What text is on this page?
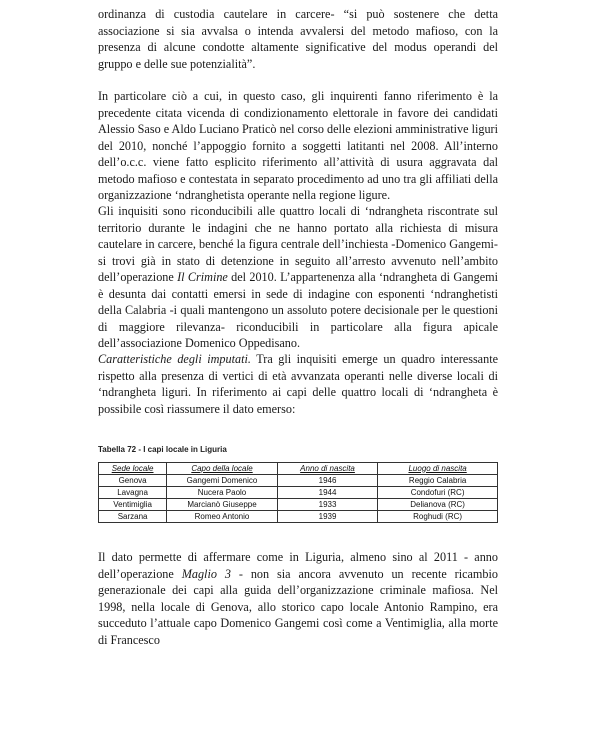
ordinanza di custodia cautelare in carcere- “si può sostenere che detta associazione si sia avvalsa o intenda avvalersi del metodo mafioso, con la presenza di alcune condotte altamente significative del modus operandi del gruppo e delle sue potenzialità”.

In particolare ciò a cui, in questo caso, gli inquirenti fanno riferimento è la precedente citata vicenda di condizionamento elettorale in favore dei candidati Alessio Saso e Aldo Luciano Praticò nel corso delle elezioni amministrative liguri del 2010, nonché l’appoggio fornito a soggetti latitanti nel 2008. All’interno dell’o.c.c. viene fatto esplicito riferimento all’attività di usura aggravata dal metodo mafioso e contestata in separato procedimento ad uno tra gli affiliati della organizzazione ‘ndranghetista operante nella regione ligure.

Gli inquisiti sono riconducibili alle quattro locali di ‘ndrangheta riscontrate sul territorio durante le indagini che ne hanno portato alla richiesta di misura cautelare in carcere, benché la figura centrale dell’inchiesta -Domenico Gangemi- si trovi già in stato di detenzione in seguito all’arresto avvenuto nell’ambito dell’operazione Il Crimine del 2010. L’appartenenza alla ‘ndrangheta di Gangemi è desunta dai contatti emersi in sede di indagine con esponenti ‘ndranghetisti della Calabria -i quali mantengono un assoluto potere decisionale per le questioni di maggiore rilevanza- riconducibili in particolare alla figura apicale dell’associazione Domenico Oppedisano.

Caratteristiche degli imputati. Tra gli inquisiti emerge un quadro interessante rispetto alla presenza di vertici di età avvanzata operanti nelle diverse locali di ‘ndrangheta liguri. In riferimento ai capi delle quattro locali di ‘ndrangheta è possibile così riassumere il dato emerso:

Tabella 72 - I capi locale in Liguria
Sede locale	Capo della locale	Anno di nascita	Luogo di nascita
Genova	Gangemi Domenico	1946	Reggio Calabria
Lavagna	Nucera Paolo	1944	Condofuri (RC)
Ventimiglia	Marcianò Giuseppe	1933	Delianova (RC)
Sarzana	Romeo Antonio	1939	Roghudi (RC)

Il dato permette di affermare come in Liguria, almeno sino al 2011 - anno dell’operazione Maglio 3 - non sia ancora avvenuto un recente ricambio generazionale dei capi alla guida dell’organizzazione criminale mafiosa. Nel 1998, nella locale di Genova, allo storico capo locale Antonio Rampino, era succeduto l’attuale capo Domenico Gangemi così come a Ventimiglia, alla morte di Francesco
